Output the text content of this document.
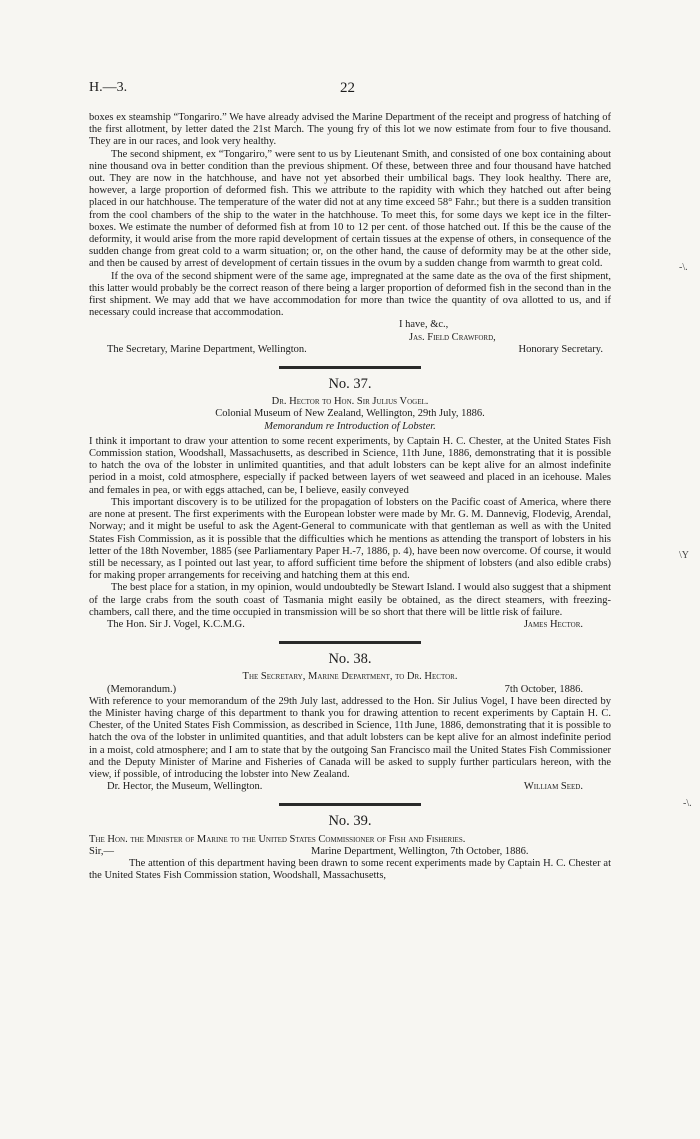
H.—3.	22

boxes ex steamship “Tongariro.” We have already advised the Marine Department of the receipt and progress of hatching of the first allotment, by letter dated the 21st March. The young fry of this lot we now estimate from four to five thousand. They are in our races, and look very healthy.

The second shipment, ex “Tongariro,” were sent to us by Lieutenant Smith, and consisted of one box containing about nine thousand ova in better condition than the previous shipment. Of these, between three and four thousand have hatched out. They are now in the hatchhouse, and have not yet absorbed their umbilical bags. They look healthy. There are, however, a large proportion of deformed fish. This we attribute to the rapidity with which they hatched out after being placed in our hatchhouse. The temperature of the water did not at any time exceed 58° Fahr.; but there is a sudden transition from the cool chambers of the ship to the water in the hatchhouse. To meet this, for some days we kept ice in the filter-boxes. We estimate the number of deformed fish at from 10 to 12 per cent. of those hatched out. If this be the cause of the deformity, it would arise from the more rapid development of certain tissues at the expense of others, in consequence of the sudden change from great cold to a warm situation; or, on the other hand, the cause of deformity may be at the other side, and then be caused by arrest of development of certain tissues in the ovum by a sudden change from warmth to great cold.

If the ova of the second shipment were of the same age, impregnated at the same date as the ova of the first shipment, this latter would probably be the correct reason of there being a larger proportion of deformed fish in the second than in the first shipment. We may add that we have accommodation for more than twice the quantity of ova allotted to us, and if necessary could increase that accommodation.

I have, &c.,
Jas. Field Crawford,
The Secretary, Marine Department, Wellington.	Honorary Secretary.
No. 37.
Dr. Hector to Hon. Sir Julius Vogel.
Colonial Museum of New Zealand, Wellington, 29th July, 1886.
Memorandum re Introduction of Lobster.

I think it important to draw your attention to some recent experiments, by Captain H. C. Chester, at the United States Fish Commission station, Woodshall, Massachusetts, as described in Science, 11th June, 1886, demonstrating that it is possible to hatch the ova of the lobster in unlimited quantities, and that adult lobsters can be kept alive for an almost indefinite period in a moist, cold atmosphere, especially if packed between layers of wet seaweed and placed in an icehouse. Males and females in pea, or with eggs attached, can be, I believe, easily conveyed

This important discovery is to be utilized for the propagation of lobsters on the Pacific coast of America, where there are none at present. The first experiments with the European lobster were made by Mr. G. M. Dannevig, Flodevig, Arendal, Norway; and it might be useful to ask the Agent-General to communicate with that gentleman as well as with the United States Fish Commission, as it is possible that the difficulties which he mentions as attending the transport of lobsters in his letter of the 18th November, 1885 (see Parliamentary Paper H.-7, 1886, p. 4), have been now overcome. Of course, it would still be necessary, as I pointed out last year, to afford sufficient time before the shipment of lobsters (and also edible crabs) for making proper arrangements for receiving and hatching them at this end.

The best place for a station, in my opinion, would undoubtedly be Stewart Island. I would also suggest that a shipment of the large crabs from the south coast of Tasmania might easily be obtained, as the direct steamers, with freezing-chambers, call there, and the time occupied in transmission will be so short that there will be little risk of failure.

The Hon. Sir J. Vogel, K.C.M.G.	James Hector.
No. 38.
The Secretary, Marine Department, to Dr. Hector.
(Memorandum.)	7th October, 1886.

With reference to your memorandum of the 29th July last, addressed to the Hon. Sir Julius Vogel, I have been directed by the Minister having charge of this department to thank you for drawing attention to recent experiments by Captain H. C. Chester, of the United States Fish Commission, as described in Science, 11th June, 1886, demonstrating that it is possible to hatch the ova of the lobster in unlimited quantities, and that adult lobsters can be kept alive for an almost indefinite period in a moist, cold atmosphere; and I am to state that by the outgoing San Francisco mail the United States Fish Commissioner and the Deputy Minister of Marine and Fisheries of Canada will be asked to supply further particulars hereon, with the view, if possible, of introducing the lobster into New Zealand.

Dr. Hector, the Museum, Wellington.	William Seed.
No. 39.
The Hon. the Minister of Marine to the United States Commissioner of Fish and Fisheries.
Sir,—	Marine Department, Wellington, 7th October, 1886.

The attention of this department having been drawn to some recent experiments made by Captain H. C. Chester at the United States Fish Commission station, Woodshall, Massachusetts,

-\.
\Y
-\.
